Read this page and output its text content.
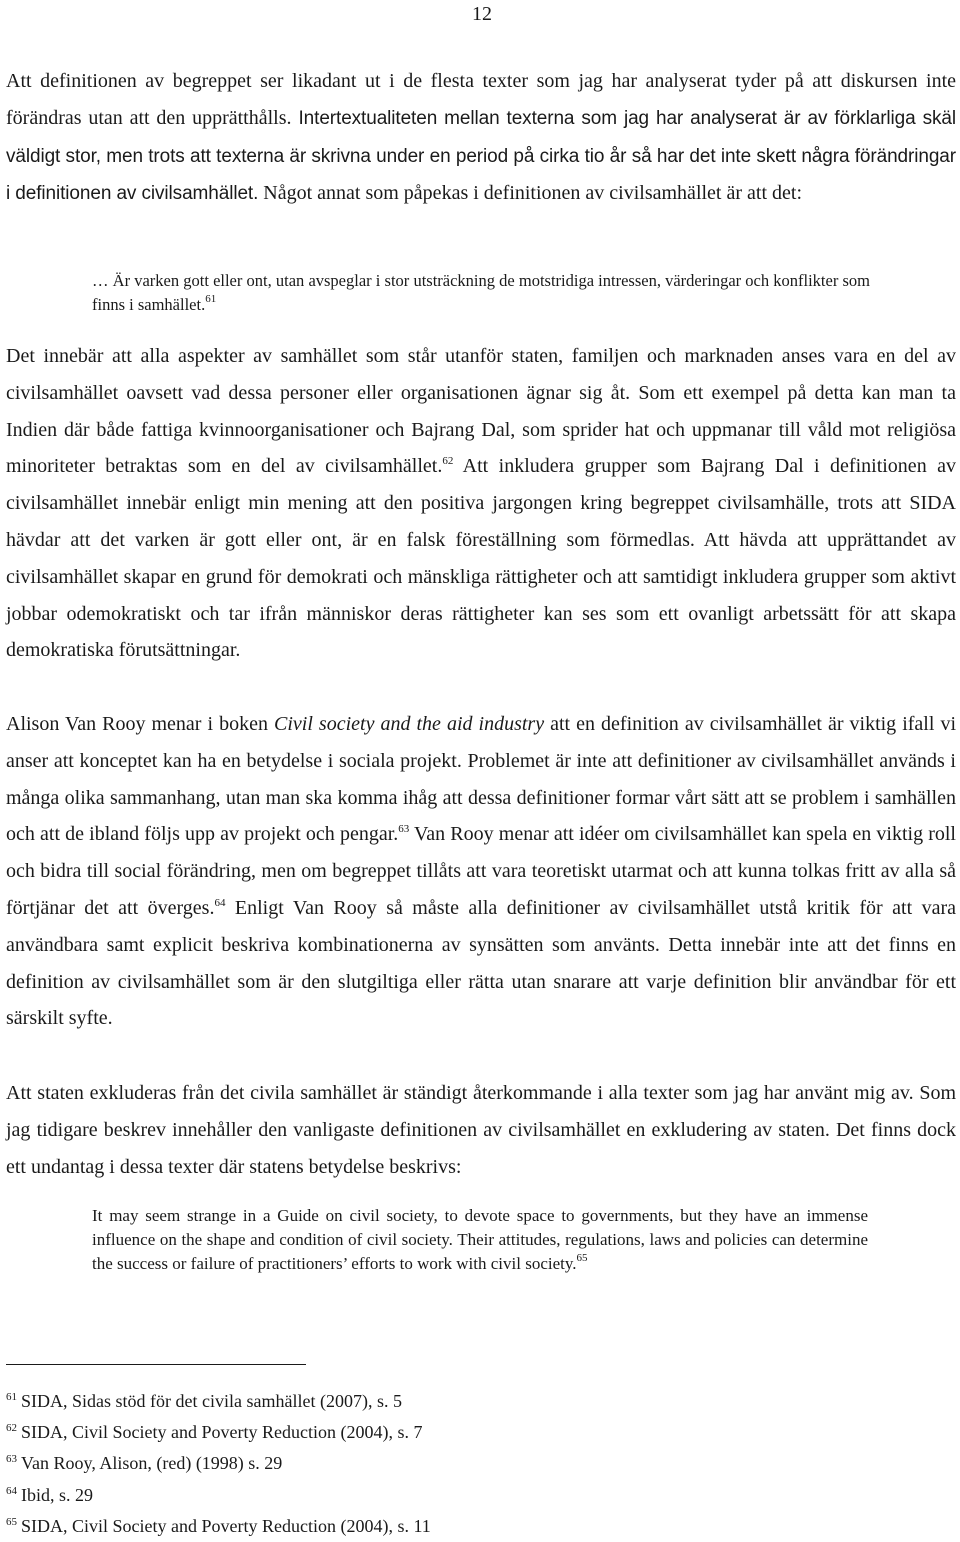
12

Att definitionen av begreppet ser likadant ut i de flesta texter som jag har analyserat tyder på att diskursen inte förändras utan att den upprätthålls. Intertextualiteten mellan texterna som jag har analyserat är av förklarliga skäl väldigt stor, men trots att texterna är skrivna under en period på cirka tio år så har det inte skett några förändringar i definitionen av civilsamhället. Något annat som påpekas i definitionen av civilsamhället är att det:

… Är varken gott eller ont, utan avspeglar i stor utsträckning de motstridiga intressen, värderingar och konflikter som finns i samhället.$^{61}$

Det innebär att alla aspekter av samhället som står utanför staten, familjen och marknaden anses vara en del av civilsamhället oavsett vad dessa personer eller organisationen ägnar sig åt. Som ett exempel på detta kan man ta Indien där både fattiga kvinnoorganisationer och Bajrang Dal, som sprider hat och uppmanar till våld mot religiösa minoriteter betraktas som en del av civilsamhället.$^{62}$ Att inkludera grupper som Bajrang Dal i definitionen av civilsamhället innebär enligt min mening att den positiva jargongen kring begreppet civilsamhälle, trots att SIDA hävdar att det varken är gott eller ont, är en falsk föreställning som förmedlas. Att hävda att upprättandet av civilsamhället skapar en grund för demokrati och mänskliga rättigheter och att samtidigt inkludera grupper som aktivt jobbar odemokratiskt och tar ifrån människor deras rättigheter kan ses som ett ovanligt arbetssätt för att skapa demokratiska förutsättningar.

Alison Van Rooy menar i boken Civil society and the aid industry att en definition av civilsamhället är viktig ifall vi anser att konceptet kan ha en betydelse i sociala projekt. Problemet är inte att definitioner av civilsamhället används i många olika sammanhang, utan man ska komma ihåg att dessa definitioner formar vårt sätt att se problem i samhällen och att de ibland följs upp av projekt och pengar.$^{63}$ Van Rooy menar att idéer om civilsamhället kan spela en viktig roll och bidra till social förändring, men om begreppet tillåts att vara teoretiskt utarmat och att kunna tolkas fritt av alla så förtjänar det att överges.$^{64}$ Enligt Van Rooy så måste alla definitioner av civilsamhället utstå kritik för att vara användbara samt explicit beskriva kombinationerna av synsätten som använts. Detta innebär inte att det finns en definition av civilsamhället som är den slutgiltiga eller rätta utan snarare att varje definition blir användbar för ett särskilt syfte.

Att staten exkluderas från det civila samhället är ständigt återkommande i alla texter som jag har använt mig av. Som jag tidigare beskrev innehåller den vanligaste definitionen av civilsamhället en exkludering av staten. Det finns dock ett undantag i dessa texter där statens betydelse beskrivs:

It may seem strange in a Guide on civil society, to devote space to governments, but they have an immense influence on the shape and condition of civil society. Their attitudes, regulations, laws and policies can determine the success or failure of practitioners’ efforts to work with civil society.$^{65}$

$^{61}$ SIDA, Sidas stöd för det civila samhället (2007), s. 5
$^{62}$ SIDA, Civil Society and Poverty Reduction (2004), s. 7
$^{63}$ Van Rooy, Alison, (red) (1998) s. 29
$^{64}$ Ibid, s. 29
$^{65}$ SIDA, Civil Society and Poverty Reduction (2004), s. 11
